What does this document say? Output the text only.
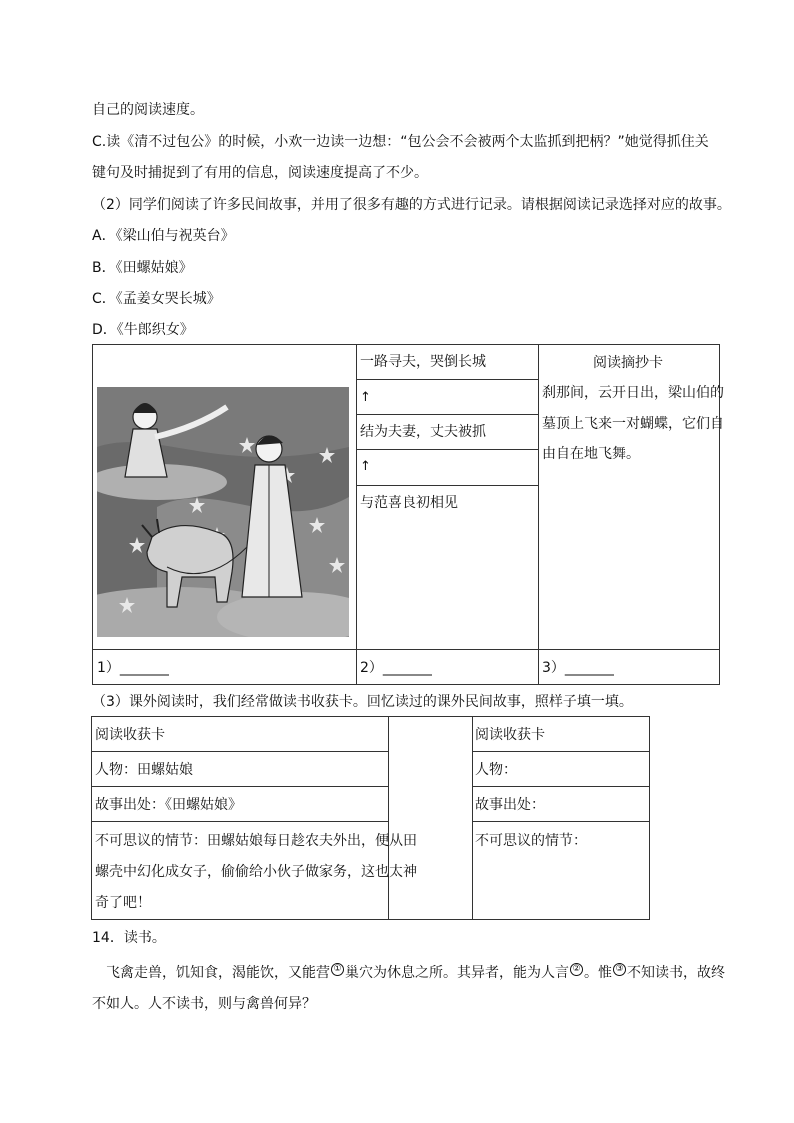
自己的阅读速度。
C.读《清不过包公》的时候，小欢一边读一边想：“包公会不会被两个太监抓到把柄？”她觉得抓住关
键句及时捕捉到了有用的信息，阅读速度提高了不少。
（2）同学们阅读了许多民间故事，并用了很多有趣的方式进行记录。请根据阅读记录选择对应的故事。
A．《梁山伯与祝英台》
B．《田螺姑娘》
C．《孟姜女哭长城》
D．《牛郎织女》
一路寻夫，哭倒长城
↑
结为夫妻，丈夫被抓
↑
与范喜良初相见
阅读摘抄卡
刹那间，云开日出，梁山伯的
墓顶上飞来一对蝴蝶，它们自
由自在地飞舞。
1）_______	2）_______	3）_______
（3）课外阅读时，我们经常做读书收获卡。回忆读过的课外民间故事，照样子填一填。
阅读收获卡
人物：田螺姑娘
故事出处：《田螺姑娘》
不可思议的情节：田螺姑娘每日趁农夫外出，便从田
螺壳中幻化成女子，偷偷给小伙子做家务，这也太神
奇了吧！
阅读收获卡
人物：
故事出处：
不可思议的情节：
14．读书。
飞禽走兽，饥知食，渴能饮，又能营 ① 巢穴为休息之所。其异者，能为人言 ② 。惟 ③ 不知读书，故终
不如人。人不读书，则与禽兽何异？
